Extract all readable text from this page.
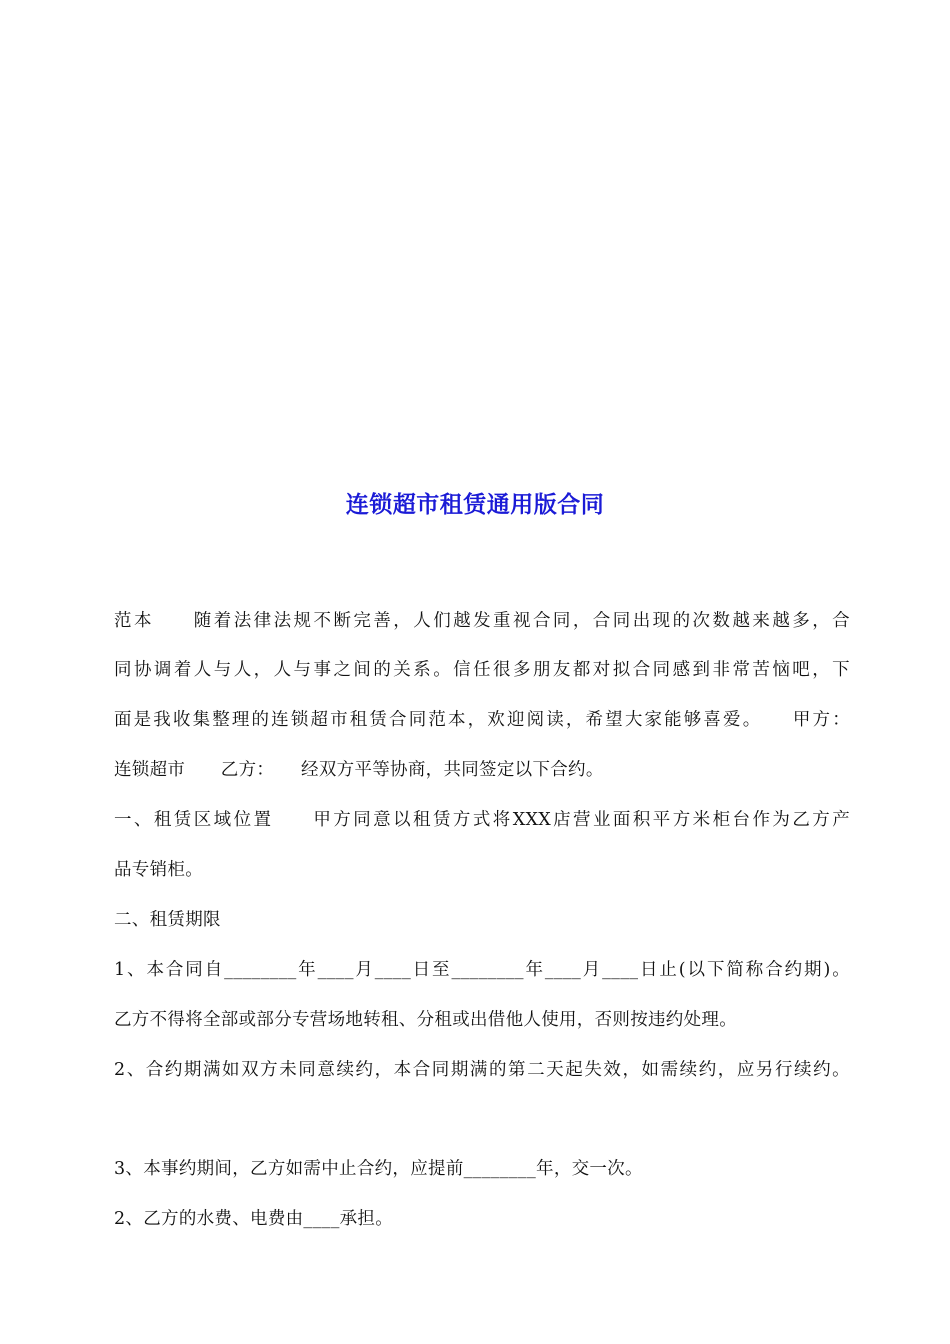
连锁超市租赁通用版合同
范本　　随着法律法规不断完善，人们越发重视合同，合同出现的次数越来越多，合
同协调着人与人，人与事之间的关系。信任很多朋友都对拟合同感到非常苦恼吧，下
面是我收集整理的连锁超市租赁合同范本，欢迎阅读，希望大家能够喜爱。　　甲方：
连锁超市　　乙方：　　经双方平等协商，共同签定以下合约。
一、租赁区域位置　　甲方同意以租赁方式将XXX店营业面积平方米柜台作为乙方产
品专销柜。
二、租赁期限
1、本合同自________年____月____日至________年____月____日止(以下简称合约期)。
乙方不得将全部或部分专营场地转租、分租或出借他人使用，否则按违约处理。
2、合约期满如双方未同意续约，本合同期满的第二天起失效，如需续约，应另行续约。
3、本事约期间，乙方如需中止合约，应提前________年，交一次。
2、乙方的水费、电费由____承担。
